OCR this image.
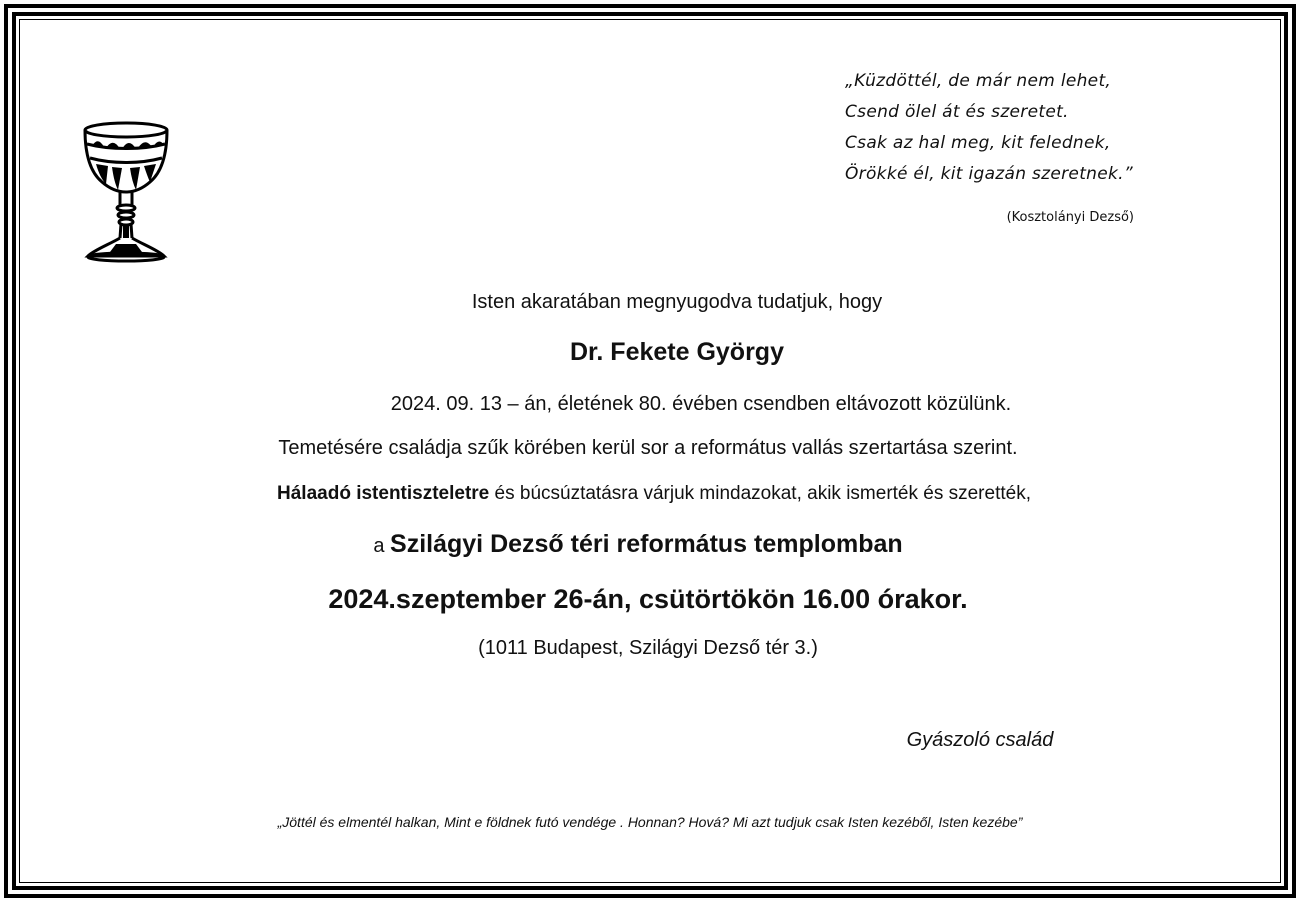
„Küzdöttél, de már nem lehet,
Csend ölel át és szeretet.
Csak az hal meg, kit felednek,
Örökké él, kit igazán szeretnek.”
(Kosztolányi Dezső)
Isten akaratában megnyugodva tudatjuk, hogy
Dr. Fekete György
2024. 09. 13 – án, életének 80. évében csendben eltávozott közülünk.
Temetésére családja szűk körében kerül sor a református vallás szertartása szerint.
Hálaadó istentiszteletre és búcsúztatásra várjuk mindazokat, akik ismerték és szerették,
a Szilágyi Dezső téri református templomban
2024.szeptember 26-án, csütörtökön 16.00 órakor.
(1011 Budapest, Szilágyi Dezső tér 3.)
Gyászoló család
„Jöttél és elmentél halkan, Mint e földnek futó vendége . Honnan? Hová? Mi azt tudjuk csak Isten kezéből, Isten kezébe”
